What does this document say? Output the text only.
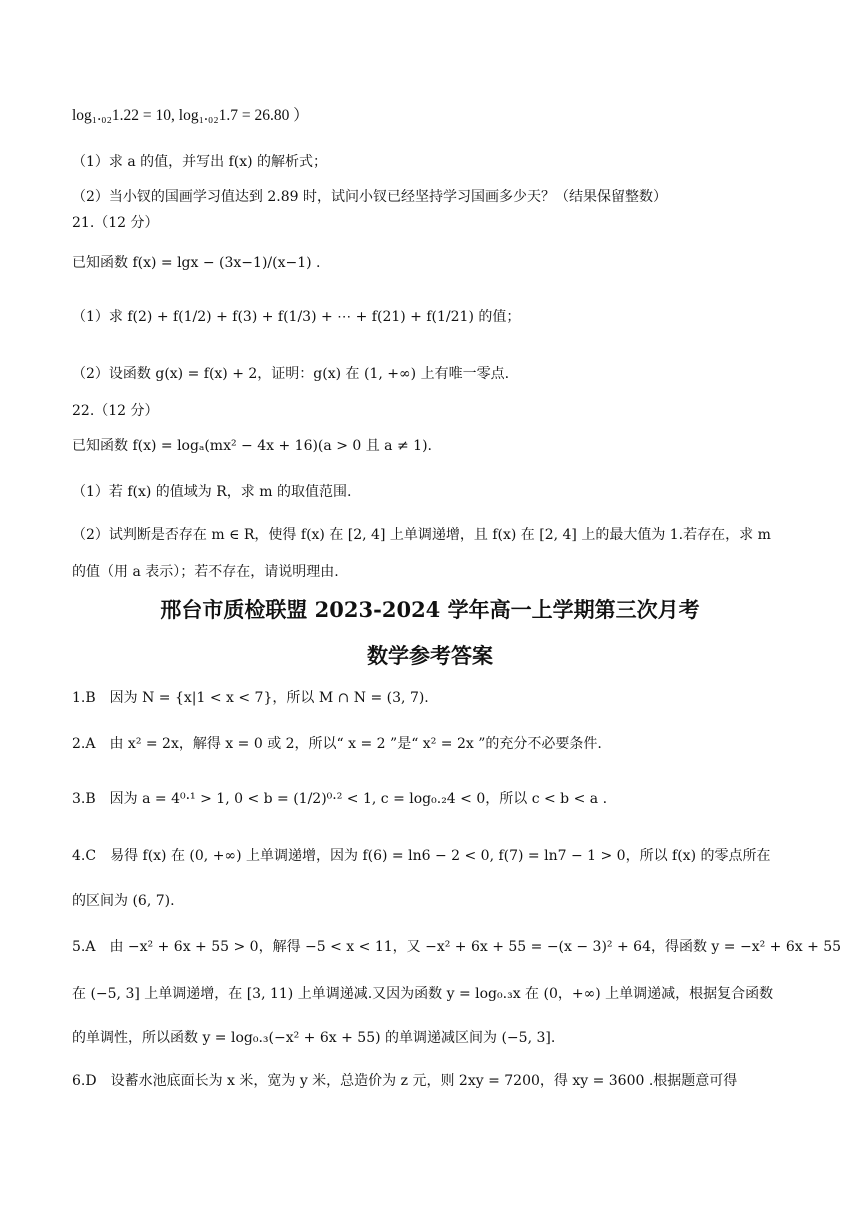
log₁.₀₂1.22 = 10, log₁.₀₂1.7 = 26.80 ）
（1）求 a 的值，并写出 f(x) 的解析式；
（2）当小钗的国画学习值达到 2.89 时，试问小钗已经坚持学习国画多少天？（结果保留整数）
21.（12 分）
已知函数 f(x) = lgx − (3x−1)/(x−1) .
（1）求 f(2) + f(1/2) + f(3) + f(1/3) + ⋯ + f(21) + f(1/21) 的值；
（2）设函数 g(x) = f(x) + 2，证明：g(x) 在 (1, +∞) 上有唯一零点.
22.（12 分）
已知函数 f(x) = logₐ(mx² − 4x + 16)(a > 0 且 a ≠ 1).
（1）若 f(x) 的值域为 R，求 m 的取值范围.
（2）试判断是否存在 m ∈ R，使得 f(x) 在 [2, 4] 上单调递增，且 f(x) 在 [2, 4] 上的最大值为 1.若存在，求 m
的值（用 a 表示）；若不存在，请说明理由.
邢台市质检联盟 2023-2024 学年高一上学期第三次月考
数学参考答案
1.B　因为 N = {x|1 < x < 7}，所以 M ∩ N = (3, 7).
2.A　由 x² = 2x，解得 x = 0 或 2，所以“ x = 2 ”是“ x² = 2x ”的充分不必要条件.
3.B　因为 a = 4⁰·¹ > 1, 0 < b = (1/2)⁰·² < 1, c = log₀.₂4 < 0，所以 c < b < a .
4.C　易得 f(x) 在 (0, +∞) 上单调递增，因为 f(6) = ln6 − 2 < 0, f(7) = ln7 − 1 > 0，所以 f(x) 的零点所在
的区间为 (6, 7).
5.A　由 −x² + 6x + 55 > 0，解得 −5 < x < 11，又 −x² + 6x + 55 = −(x − 3)² + 64，得函数 y = −x² + 6x + 55
在 (−5, 3] 上单调递增，在 [3, 11) 上单调递减.又因为函数 y = log₀.₃x 在 (0，+∞) 上单调递减，根据复合函数
的单调性，所以函数 y = log₀.₃(−x² + 6x + 55) 的单调递减区间为 (−5, 3].
6.D　设蓄水池底面长为 x 米，宽为 y 米，总造价为 z 元，则 2xy = 7200，得 xy = 3600 .根据题意可得
